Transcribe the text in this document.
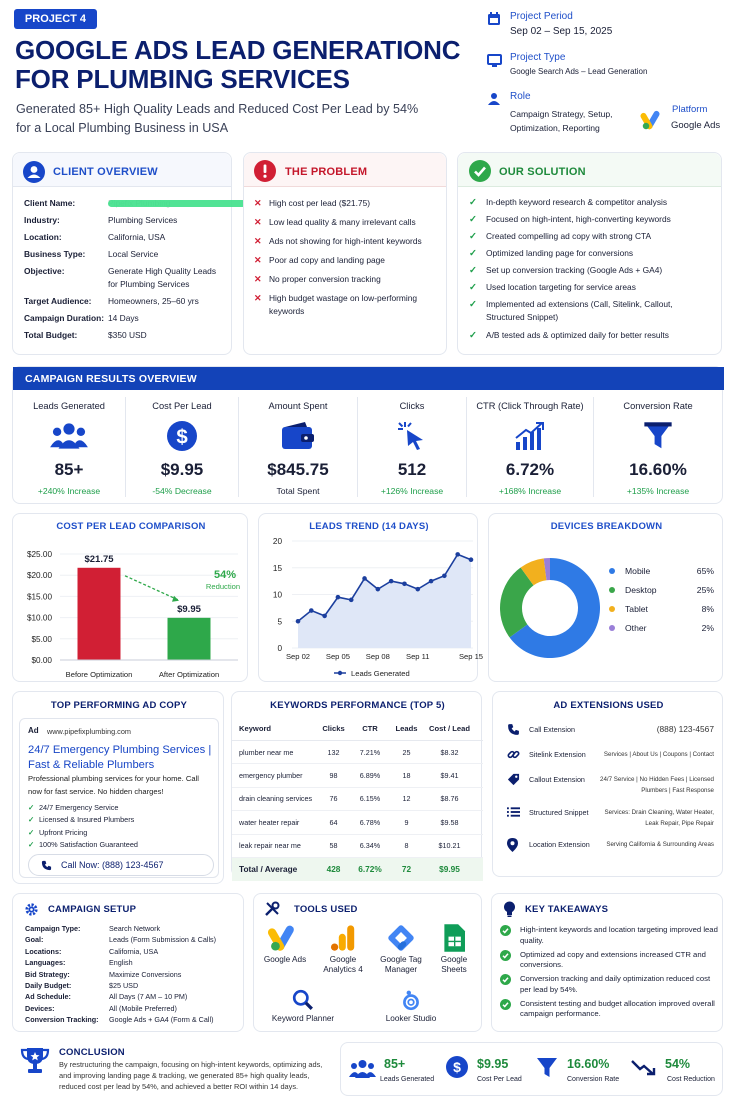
PROJECT 4
GOOGLE ADS LEAD GENERATIONC
FOR PLUMBING SERVICES
Generated 85+ High Quality Leads and Reduced Cost Per Lead by 54%
for a Local Plumbing Business in USA
Project Period
Sep 02 – Sep 15, 2025
Project Type
Google Search Ads – Lead Generation
Role
Campaign Strategy, Setup,
Optimization, Reporting
Platform
Google Ads
CLIENT OVERVIEW
Client Name:
Industry:	Plumbing Services
Location:	California, USA
Business Type:	Local Service
Objective:	Generate High Quality Leads for Plumbing Services
Target Audience:	Homeowners, 25–60 yrs
Campaign Duration: 14 Days
Total Budget:	$350 USD
THE PROBLEM
✕ High cost per lead ($21.75)
✕ Low lead quality & many irrelevant calls
✕ Ads not showing for high-intent keywords
✕ Poor ad copy and landing page
✕ No proper conversion tracking
✕ High budget wastage on low-performing keywords
OUR SOLUTION
✓	In-depth keyword research & competitor analysis
✓	Focused on high-intent, high-converting keywords
✓	Created compelling ad copy with strong CTA
✓	Optimized landing page for conversions
✓	Set up conversion tracking (Google Ads + GA4)
✓	Used location targeting for service areas
✓	Implemented ad extensions (Call, Sitelink, Callout, Structured Snippet)
✓	A/B tested ads & optimized daily for better results
CAMPAIGN RESULTS OVERVIEW
Leads Generated
85+
+240% Increase
Cost Per Lead
$
$9.95
-54% Decrease
Amount Spent
$845.75
Total Spent
Clicks
512
+126% Increase
CTR (Click Through Rate)
6.72%
+168% Increase
Conversion Rate
16.60%
+135% Increase
COST PER LEAD COMPARISON
$25.00
$20.00
$15.00
$10.00
$5.00
$0.00
$21.75
Before Optimization
$9.95
After Optimization
54%
Reduction
LEADS TREND (14 DAYS)
20
15
10
5
0
Sep 02 Sep 05 Sep 08 Sep 11	Sep 15
Leads Generated
DEVICES BREAKDOWN
Mobile	65%
Desktop	25%
Tablet	8%
Other	2%
TOP PERFORMING AD COPY
Ad www.pipefixplumbing.com
24/7 Emergency Plumbing Services | Fast & Reliable Plumbers
Professional plumbing services for your home. Call now for fast service. No hidden charges!
✓ 24/7 Emergency Service
✓ Licensed & Insured Plumbers
✓ Upfront Pricing
✓ 100% Satisfaction Guaranteed
Call Now: (888) 123-4567
KEYWORDS PERFORMANCE (TOP 5)
Keyword	Clicks	CTR	Leads	Cost / Lead
plumber near me	132	7.21%	25	$8.32
emergency plumber	98	6.89%	18	$9.41
drain cleaning services	76	6.15%	12	$8.76
water heater repair	64	6.78%	9	$9.58
leak repair near me	58	6.34%	8	$10.21
Total / Average	428	6.72%	72	$9.95
AD EXTENSIONS USED
Call Extension	(888) 123-4567
Sitelink Extension	Services | About Us | Coupons | Contact
Callout Extension	24/7 Service | No Hidden Fees | Licensed Plumbers | Fast Response
Structured Snippet	Services: Drain Cleaning, Water Heater, Leak Repair, Pipe Repair
Location Extension	Serving California & Surrounding Areas
CAMPAIGN SETUP
Campaign Type:	Search Network
Goal:	Leads (Form Submission & Calls)
Locations:	California, USA
Languages:	English
Bid Strategy:	Maximize Conversions
Daily Budget:	$25 USD
Ad Schedule:	All Days (7 AM – 10 PM)
Devices:	All (Mobile Preferred)
Conversion Tracking:	Google Ads + GA4 (Form & Call)
TOOLS USED
Google Ads	Google Analytics 4
Google Tag Manager
Google Sheets
Keyword Planner	Looker Studio
KEY TAKEAWAYS
High-intent keywords and location targeting improved lead quality.
Optimized ad copy and extensions increased CTR and conversions.
Conversion tracking and daily optimization reduced cost per lead by 54%.
Consistent testing and budget allocation improved overall campaign performance.
CONCLUSION
By restructuring the campaign, focusing on high-intent keywords, optimizing ads, and improving landing page & tracking, we generated 85+ high quality leads, reduced cost per lead by 54%, and achieved a better ROI within 14 days.
85+
Leads Generated
$ $9.95
Cost Per Lead
16.60%
Conversion Rate
54%
Cost Reduction
